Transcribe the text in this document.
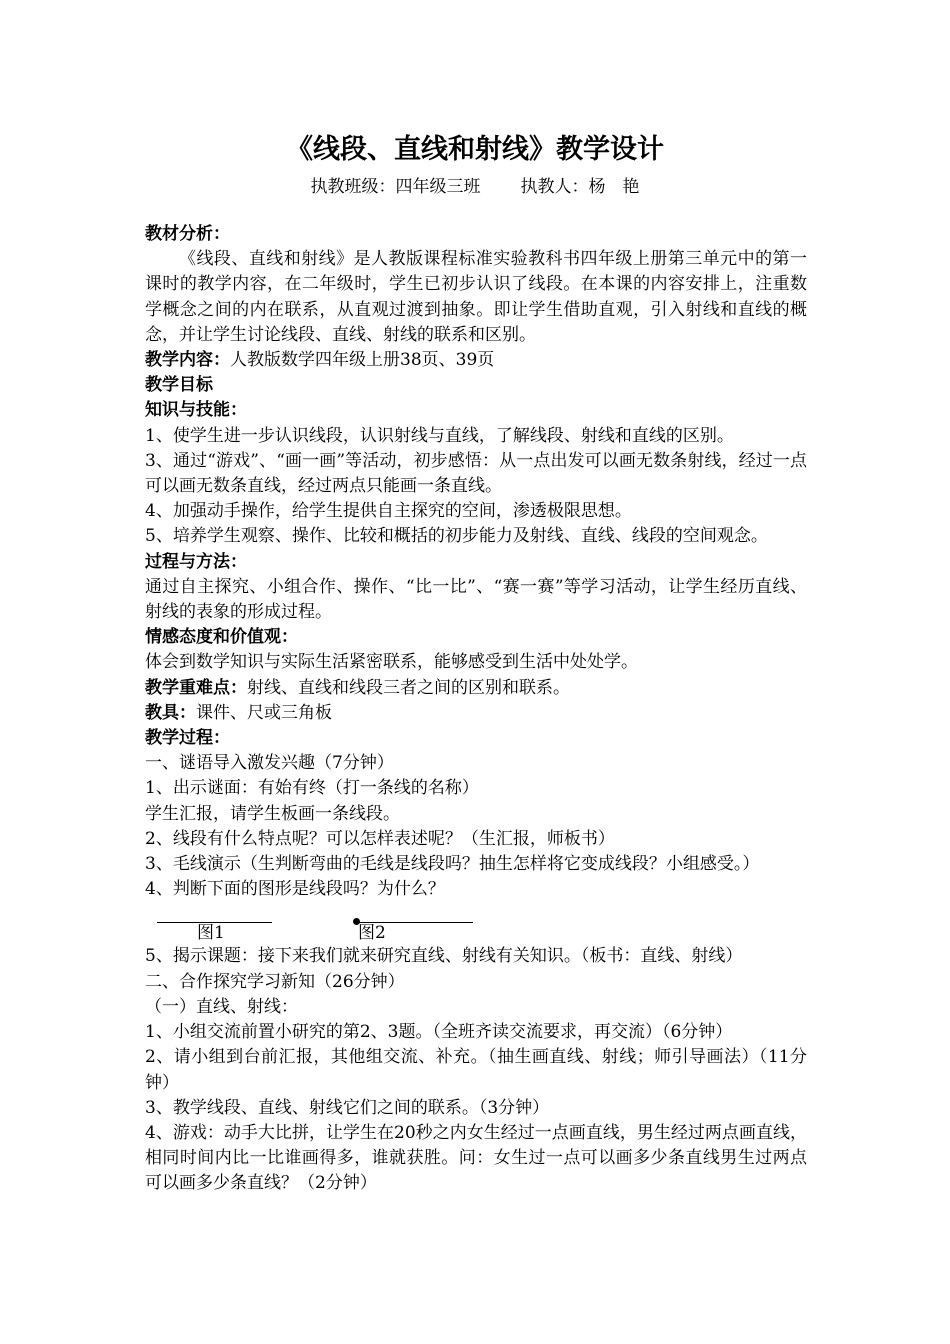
《线段、直线和射线》教学设计
执教班级：四年级三班 执教人：杨　艳

教材分析：

《线段、直线和射线》是人教版课程标准实验教科书四年级上册第三单元中的第一课时的教学内容，在二年级时，学生已初步认识了线段。在本课的内容安排上，注重数学概念之间的内在联系，从直观过渡到抽象。即让学生借助直观，引入射线和直线的概念，并让学生讨论线段、直线、射线的联系和区别。

教学内容：人教版数学四年级上册38页、39页

教学目标

知识与技能：

1、使学生进一步认识线段，认识射线与直线，了解线段、射线和直线的区别。

3、通过“游戏”、“画一画”等活动，初步感悟：从一点出发可以画无数条射线，经过一点可以画无数条直线，经过两点只能画一条直线。

4、加强动手操作，给学生提供自主探究的空间，渗透极限思想。

5、培养学生观察、操作、比较和概括的初步能力及射线、直线、线段的空间观念。

过程与方法：

通过自主探究、小组合作、操作、“比一比”、“赛一赛”等学习活动，让学生经历直线、射线的表象的形成过程。

情感态度和价值观：

体会到数学知识与实际生活紧密联系，能够感受到生活中处处学。

教学重难点：射线、直线和线段三者之间的区别和联系。

教具：课件、尺或三角板

教学过程：

一、谜语导入激发兴趣（7分钟）

1、出示谜面：有始有终（打一条线的名称）

学生汇报，请学生板画一条线段。

2、线段有什么特点呢？可以怎样表述呢？（生汇报，师板书）

3、毛线演示（生判断弯曲的毛线是线段吗？抽生怎样将它变成线段？小组感受。）

4、判断下面的图形是线段吗？为什么？

图1	图2

5、揭示课题：接下来我们就来研究直线、射线有关知识。（板书：直线、射线）

二、合作探究学习新知（26分钟）

（一）直线、射线：

1、小组交流前置小研究的第2、3题。（全班齐读交流要求，再交流）（6分钟）

2、请小组到台前汇报，其他组交流、补充。（抽生画直线、射线；师引导画法）（11分钟）

3、教学线段、直线、射线它们之间的联系。（3分钟）

4、游戏：动手大比拼，让学生在20秒之内女生经过一点画直线，男生经过两点画直线，相同时间内比一比谁画得多，谁就获胜。问：女生过一点可以画多少条直线男生过两点可以画多少条直线？（2分钟）
